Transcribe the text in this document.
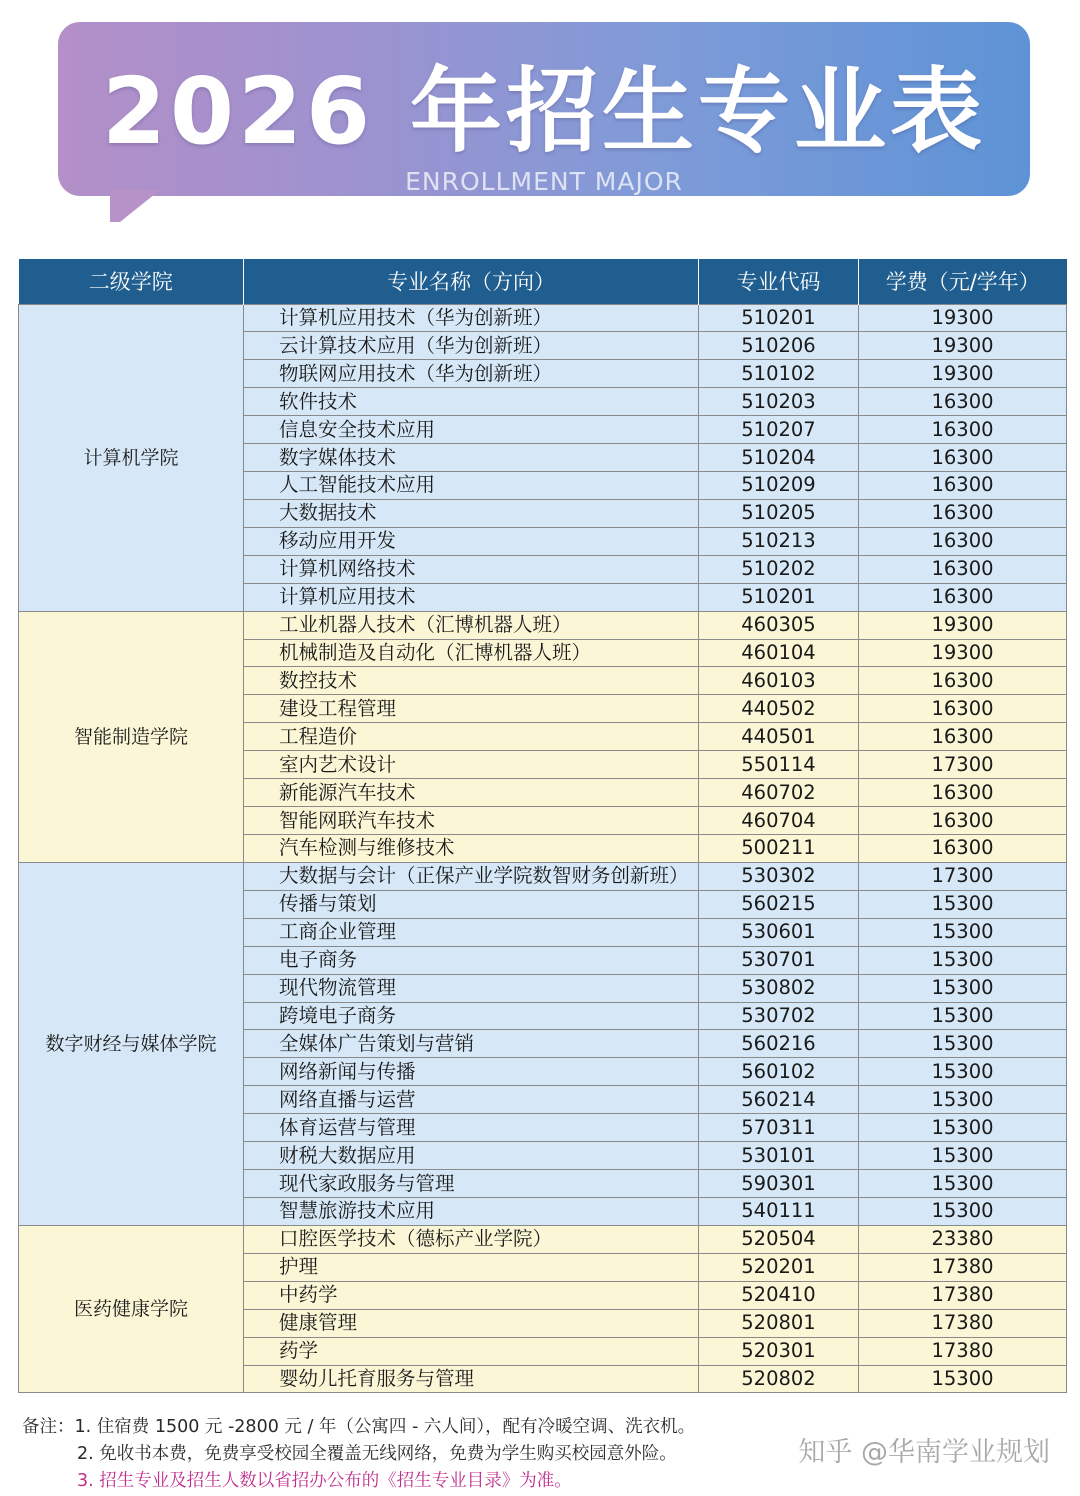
2026 年招生专业表
ENROLLMENT MAJOR
二级学院	专业名称（方向）	专业代码	学费（元/学年）
计算机学院	计算机应用技术（华为创新班）	510201	19300
	云计算技术应用（华为创新班）	510206	19300
	物联网应用技术（华为创新班）	510102	19300
	软件技术	510203	16300
	信息安全技术应用	510207	16300
	数字媒体技术	510204	16300
	人工智能技术应用	510209	16300
	大数据技术	510205	16300
	移动应用开发	510213	16300
	计算机网络技术	510202	16300
	计算机应用技术	510201	16300
智能制造学院	工业机器人技术（汇博机器人班）	460305	19300
	机械制造及自动化（汇博机器人班）	460104	19300
	数控技术	460103	16300
	建设工程管理	440502	16300
	工程造价	440501	16300
	室内艺术设计	550114	17300
	新能源汽车技术	460702	16300
	智能网联汽车技术	460704	16300
	汽车检测与维修技术	500211	16300
数字财经与媒体学院	大数据与会计（正保产业学院数智财务创新班）	530302	17300
	传播与策划	560215	15300
	工商企业管理	530601	15300
	电子商务	530701	15300
	现代物流管理	530802	15300
	跨境电子商务	530702	15300
	全媒体广告策划与营销	560216	15300
	网络新闻与传播	560102	15300
	网络直播与运营	560214	15300
	体育运营与管理	570311	15300
	财税大数据应用	530101	15300
	现代家政服务与管理	590301	15300
	智慧旅游技术应用	540111	15300
医药健康学院	口腔医学技术（德标产业学院）	520504	23380
	护理	520201	17380
	中药学	520410	17380
	健康管理	520801	17380
	药学	520301	17380
	婴幼儿托育服务与管理	520802	15300
备注：1. 住宿费 1500 元 -2800 元 / 年（公寓四 - 六人间），配有冷暖空调、洗衣机。
2. 免收书本费，免费享受校园全覆盖无线网络，免费为学生购买校园意外险。
3. 招生专业及招生人数以省招办公布的《招生专业目录》为准。
知乎 @华南学业规划
